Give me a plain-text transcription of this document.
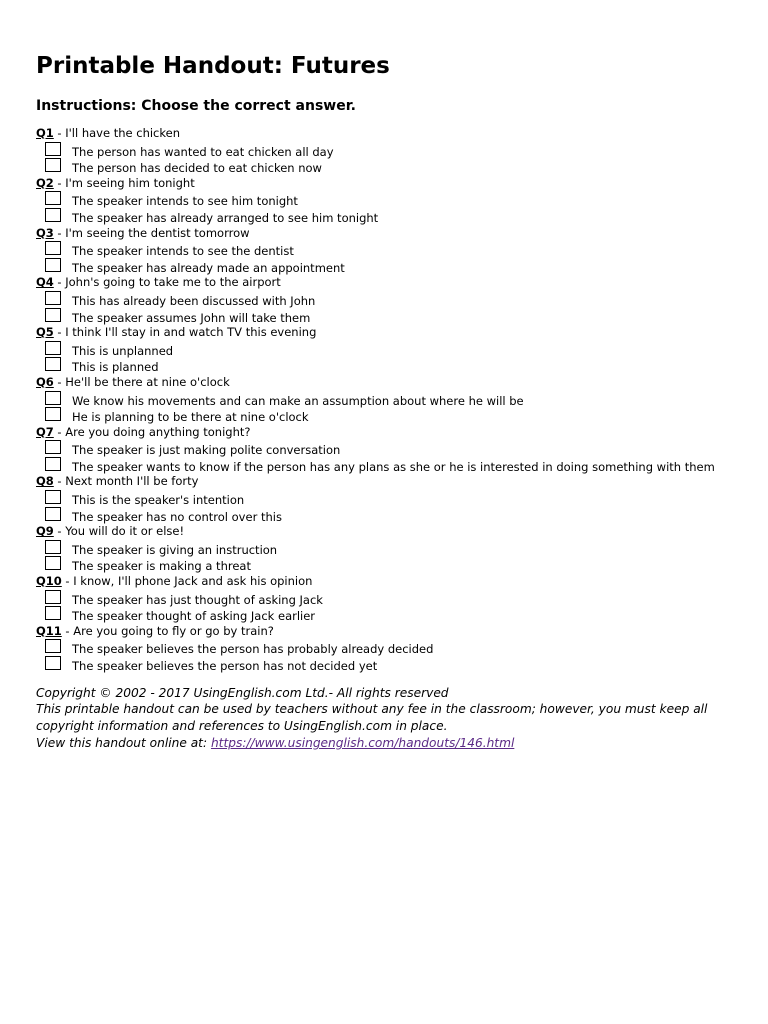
Printable Handout: Futures
Instructions: Choose the correct answer.
Q1 - I'll have the chicken
The person has wanted to eat chicken all day
The person has decided to eat chicken now
Q2 - I'm seeing him tonight
The speaker intends to see him tonight
The speaker has already arranged to see him tonight
Q3 - I'm seeing the dentist tomorrow
The speaker intends to see the dentist
The speaker has already made an appointment
Q4 - John's going to take me to the airport
This has already been discussed with John
The speaker assumes John will take them
Q5 - I think I'll stay in and watch TV this evening
This is unplanned
This is planned
Q6 - He'll be there at nine o'clock
We know his movements and can make an assumption about where he will be
He is planning to be there at nine o'clock
Q7 - Are you doing anything tonight?
The speaker is just making polite conversation
The speaker wants to know if the person has any plans as she or he is interested in doing something with them
Q8 - Next month I'll be forty
This is the speaker's intention
The speaker has no control over this
Q9 - You will do it or else!
The speaker is giving an instruction
The speaker is making a threat
Q10 - I know, I'll phone Jack and ask his opinion
The speaker has just thought of asking Jack
The speaker thought of asking Jack earlier
Q11 - Are you going to fly or go by train?
The speaker believes the person has probably already decided
The speaker believes the person has not decided yet
Copyright © 2002 - 2017 UsingEnglish.com Ltd.- All rights reserved
This printable handout can be used by teachers without any fee in the classroom; however, you must keep all copyright information and references to UsingEnglish.com in place.
View this handout online at: https://www.usingenglish.com/handouts/146.html
